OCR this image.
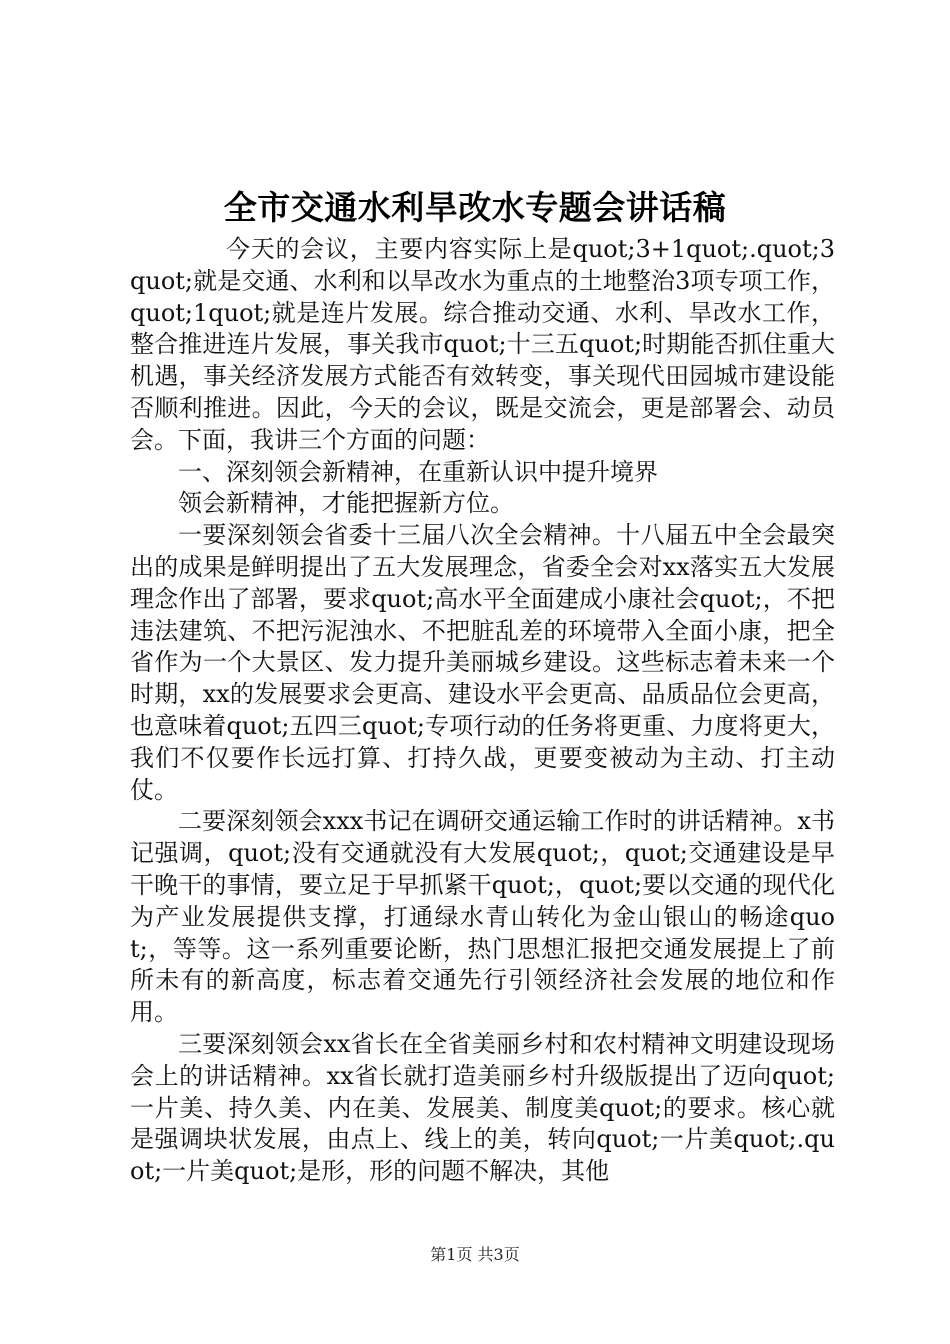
全市交通水利旱改水专题会讲话稿

今天的会议，主要内容实际上是quot;3+1quot;.quot;3quot;就是交通、水利和以旱改水为重点的土地整治3项专项工作，quot;1quot;就是连片发展。综合推动交通、水利、旱改水工作，整合推进连片发展，事关我市quot;十三五quot;时期能否抓住重大机遇，事关经济发展方式能否有效转变，事关现代田园城市建设能否顺利推进。因此，今天的会议，既是交流会，更是部署会、动员会。下面，我讲三个方面的问题：

一、深刻领会新精神，在重新认识中提升境界

领会新精神，才能把握新方位。

一要深刻领会省委十三届八次全会精神。十八届五中全会最突出的成果是鲜明提出了五大发展理念，省委全会对xx落实五大发展理念作出了部署，要求quot;高水平全面建成小康社会quot;，不把违法建筑、不把污泥浊水、不把脏乱差的环境带入全面小康，把全省作为一个大景区、发力提升美丽城乡建设。这些标志着未来一个时期，xx的发展要求会更高、建设水平会更高、品质品位会更高，也意味着quot;五四三quot;专项行动的任务将更重、力度将更大，我们不仅要作长远打算、打持久战，更要变被动为主动、打主动仗。

二要深刻领会xxx书记在调研交通运输工作时的讲话精神。x书记强调，quot;没有交通就没有大发展quot;，quot;交通建设是早干晚干的事情，要立足于早抓紧干quot;，quot;要以交通的现代化为产业发展提供支撑，打通绿水青山转化为金山银山的畅途quot;，等等。这一系列重要论断，热门思想汇报把交通发展提上了前所未有的新高度，标志着交通先行引领经济社会发展的地位和作用。

三要深刻领会xx省长在全省美丽乡村和农村精神文明建设现场会上的讲话精神。xx省长就打造美丽乡村升级版提出了迈向quot;一片美、持久美、内在美、发展美、制度美quot;的要求。核心就是强调块状发展，由点上、线上的美，转向quot;一片美quot;.quot;一片美quot;是形，形的问题不解决，其他

第1页 共3页
